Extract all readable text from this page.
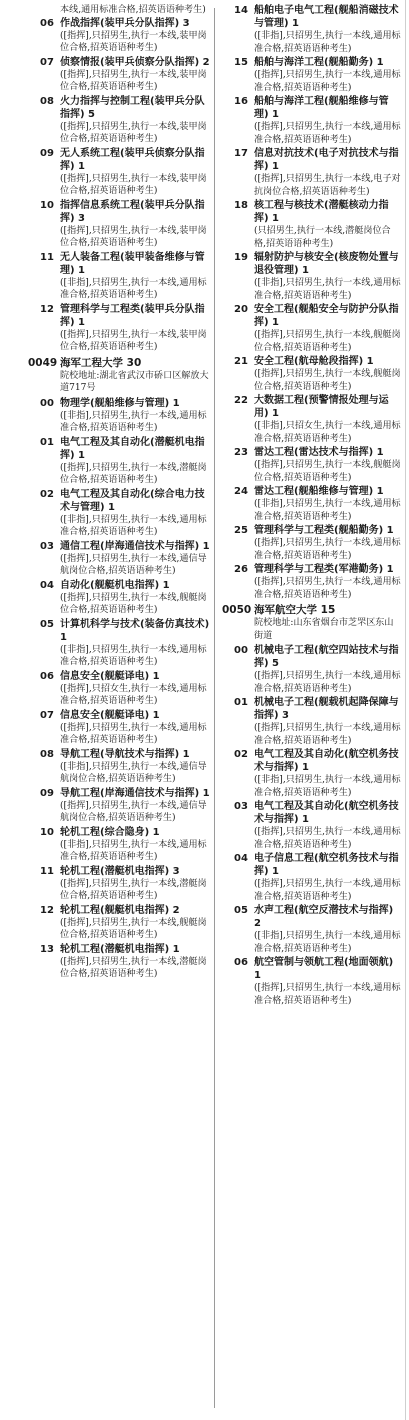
本线,通用标准合格,招英语语种考生)
06 作战指挥(装甲兵分队指挥) 3
([指挥],只招男生,执行一本线,装甲岗位合格,招英语语种考生)
07 侦察情报(装甲兵侦察分队指挥) 2
([指挥],只招男生,执行一本线,装甲岗位合格,招英语语种考生)
08 火力指挥与控制工程(装甲兵分队指挥) 5
([指挥],只招男生,执行一本线,装甲岗位合格,招英语语种考生)
09 无人系统工程(装甲兵侦察分队指挥) 1
([指挥],只招男生,执行一本线,装甲岗位合格,招英语语种考生)
10 指挥信息系统工程(装甲兵分队指挥) 3
([指挥],只招男生,执行一本线,装甲岗位合格,招英语语种考生)
11 无人装备工程(装甲装备维修与管理) 1
([非指],只招男生,执行一本线,通用标准合格,招英语语种考生)
12 管理科学与工程类(装甲兵分队指挥) 1
([指挥],只招男生,执行一本线,装甲岗位合格,招英语语种考生)
0049 海军工程大学 30
院校地址:湖北省武汉市硚口区解放大道717号
00 物理学(舰船维修与管理) 1
([非指],只招男生,执行一本线,通用标准合格,招英语语种考生)
01 电气工程及其自动化(潜艇机电指挥) 1
([指挥],只招男生,执行一本线,潜艇岗位合格,招英语语种考生)
02 电气工程及其自动化(综合电力技术与管理) 1
([非指],只招男生,执行一本线,通用标准合格,招英语语种考生)
03 通信工程(岸海通信技术与指挥) 1
([指挥],只招男生,执行一本线,通信导航岗位合格,招英语语种考生)
04 自动化(舰艇机电指挥) 1
([指挥],只招男生,执行一本线,舰艇岗位合格,招英语语种考生)
05 计算机科学与技术(装备仿真技术) 1
([非指],只招男生,执行一本线,通用标准合格,招英语语种考生)
06 信息安全(舰艇译电) 1
([指挥],只招女生,执行一本线,通用标准合格,招英语语种考生)
07 信息安全(舰艇译电) 1
([指挥],只招男生,执行一本线,通用标准合格,招英语语种考生)
08 导航工程(导航技术与指挥) 1
([非指],只招男生,执行一本线,通信导航岗位合格,招英语语种考生)
09 导航工程(岸海通信技术与指挥) 1
([指挥],只招男生,执行一本线,通信导航岗位合格,招英语语种考生)
10 轮机工程(综合隐身) 1
([非指],只招男生,执行一本线,通用标准合格,招英语语种考生)
11 轮机工程(潜艇机电指挥) 3
([指挥],只招男生,执行一本线,潜艇岗位合格,招英语语种考生)
12 轮机工程(舰艇机电指挥) 2
([指挥],只招男生,执行一本线,舰艇岗位合格,招英语语种考生)
13 轮机工程(潜艇机电指挥) 1
([指挥],只招男生,执行一本线,潜艇岗位合格,招英语语种考生)
14 船舶电子电气工程(舰船消磁技术与管理) 1
([非指],只招男生,执行一本线,通用标准合格,招英语语种考生)
15 船舶与海洋工程(舰船勤务) 1
([指挥],只招男生,执行一本线,通用标准合格,招英语语种考生)
16 船舶与海洋工程(舰船维修与管理) 1
([指挥],只招男生,执行一本线,通用标准合格,招英语语种考生)
17 信息对抗技术(电子对抗技术与指挥) 1
([指挥],只招男生,执行一本线,电子对抗岗位合格,招英语语种考生)
18 核工程与核技术(潜艇核动力指挥) 1
(只招男生,执行一本线,潜艇岗位合格,招英语语种考生)
19 辐射防护与核安全(核废物处置与退役管理) 1
([非指],只招男生,执行一本线,通用标准合格,招英语语种考生)
20 安全工程(舰船安全与防护分队指挥) 1
([指挥],只招男生,执行一本线,舰艇岗位合格,招英语语种考生)
21 安全工程(航母舱段指挥) 1
([指挥],只招男生,执行一本线,舰艇岗位合格,招英语语种考生)
22 大数据工程(预警情报处理与运用) 1
([非指],只招女生,执行一本线,通用标准合格,招英语语种考生)
23 雷达工程(雷达技术与指挥) 1
([指挥],只招男生,执行一本线,舰艇岗位合格,招英语语种考生)
24 雷达工程(舰船维修与管理) 1
([非指],只招男生,执行一本线,通用标准合格,招英语语种考生)
25 管理科学与工程类(舰船勤务) 1
([指挥],只招男生,执行一本线,通用标准合格,招英语语种考生)
26 管理科学与工程类(军港勤务) 1
([指挥],只招男生,执行一本线,通用标准合格,招英语语种考生)
0050 海军航空大学 15
院校地址:山东省烟台市芝罘区东山街道
00 机械电子工程(航空四站技术与指挥) 5
([指挥],只招男生,执行一本线,通用标准合格,招英语语种考生)
01 机械电子工程(舰载机起降保障与指挥) 3
([指挥],只招男生,执行一本线,通用标准合格,招英语语种考生)
02 电气工程及其自动化(航空机务技术与指挥) 1
([非指],只招男生,执行一本线,通用标准合格,招英语语种考生)
03 电气工程及其自动化(航空机务技术与指挥) 1
([指挥],只招男生,执行一本线,通用标准合格,招英语语种考生)
04 电子信息工程(航空机务技术与指挥) 1
([指挥],只招男生,执行一本线,通用标准合格,招英语语种考生)
05 水声工程(航空反潜技术与指挥) 2
([非指],只招男生,执行一本线,通用标准合格,招英语语种考生)
06 航空管制与领航工程(地面领航) 1
([指挥],只招男生,执行一本线,通用标准合格,招英语语种考生)
